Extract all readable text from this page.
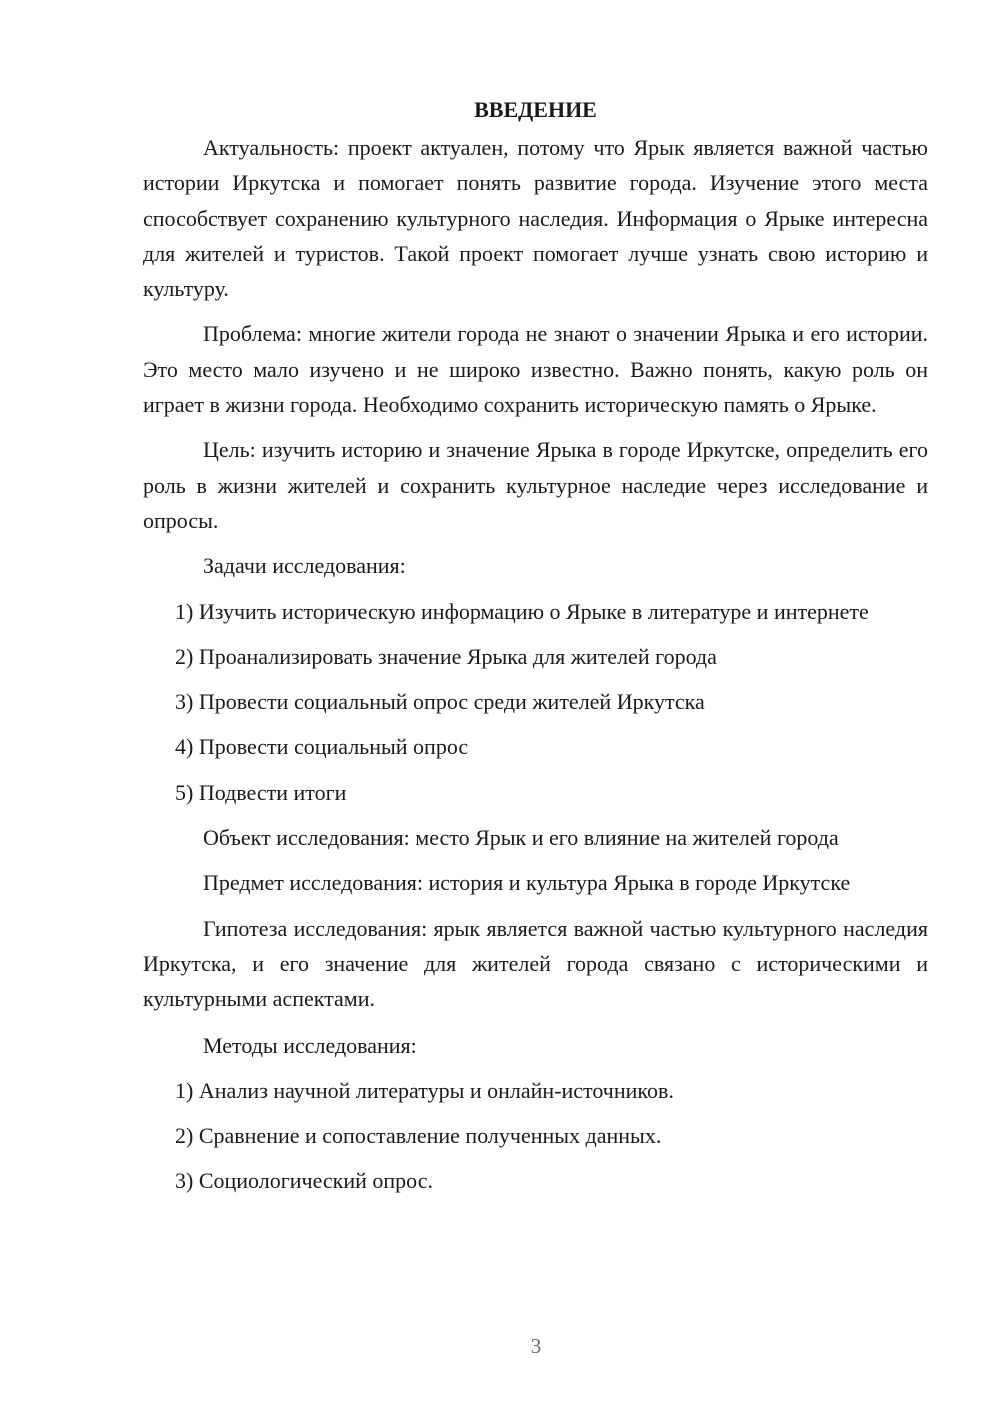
ВВЕДЕНИЕ

Актуальность: проект актуален, потому что Ярык является важной частью истории Иркутска и помогает понять развитие города. Изучение этого места способствует сохранению культурного наследия. Информация о Ярыке интересна для жителей и туристов. Такой проект помогает лучше узнать свою историю и культуру.

Проблема: многие жители города не знают о значении Ярыка и его истории. Это место мало изучено и не широко известно. Важно понять, какую роль он играет в жизни города. Необходимо сохранить историческую память о Ярыке.

Цель: изучить историю и значение Ярыка в городе Иркутске, определить его роль в жизни жителей и сохранить культурное наследие через исследование и опросы.

Задачи исследования:

1) Изучить историческую информацию о Ярыке в литературе и интернете

2) Проанализировать значение Ярыка для жителей города

3) Провести социальный опрос среди жителей Иркутска

4) Провести социальный опрос

5) Подвести итоги

Объект исследования: место Ярык и его влияние на жителей города

Предмет исследования: история и культура Ярыка в городе Иркутске

Гипотеза исследования: ярык является важной частью культурного наследия Иркутска, и его значение для жителей города связано с историческими и культурными аспектами.

Методы исследования:

1) Анализ научной литературы и онлайн-источников.

2) Сравнение и сопоставление полученных данных.

3) Социологический опрос.

3
